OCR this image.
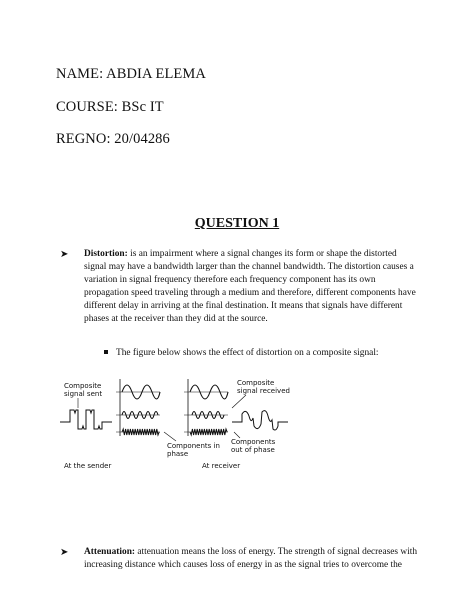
NAME: ABDIA ELEMA
COURSE: BSc IT
REGNO: 20/04286
QUESTION 1
➤ Distortion: is an impairment where a signal changes its form or shape the distorted
signal may have a bandwidth larger than the channel bandwidth. The distortion causes a
variation in signal frequency therefore each frequency component has its own
propagation speed traveling through a medium and therefore, different components have
different delay in arriving at the final destination. It means that signals have different
phases at the receiver than they did at the source.
The figure below shows the effect of distortion on a composite signal:
Composite
signal sent
Composite
signal received
Components in
phase
Components
out of phase
At the sender	At receiver
➤ Attenuation: attenuation means the loss of energy. The strength of signal decreases with
increasing distance which causes loss of energy in as the signal tries to overcome the
